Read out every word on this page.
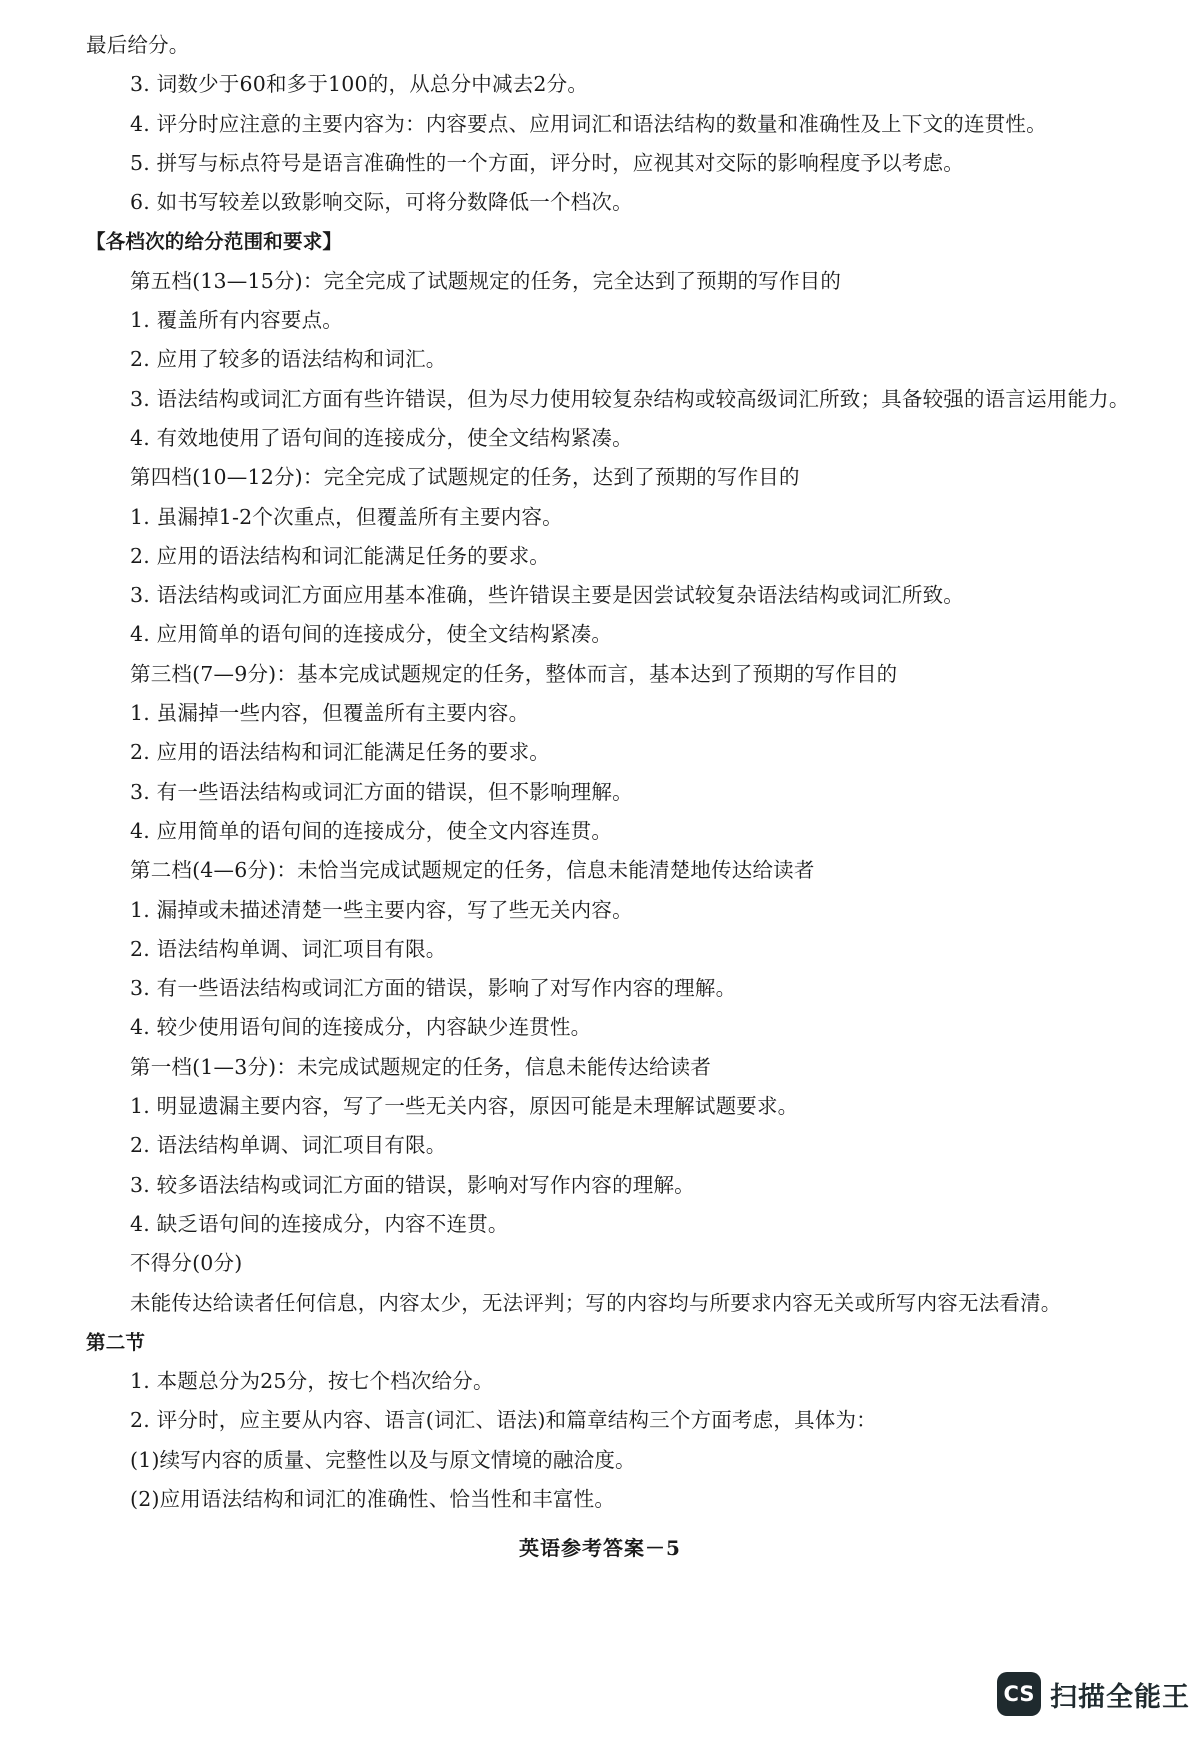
最后给分。
3. 词数少于60和多于100的，从总分中减去2分。
4. 评分时应注意的主要内容为：内容要点、应用词汇和语法结构的数量和准确性及上下文的连贯性。
5. 拼写与标点符号是语言准确性的一个方面，评分时，应视其对交际的影响程度予以考虑。
6. 如书写较差以致影响交际，可将分数降低一个档次。
【各档次的给分范围和要求】
第五档(13—15分)：完全完成了试题规定的任务，完全达到了预期的写作目的
1. 覆盖所有内容要点。
2. 应用了较多的语法结构和词汇。
3. 语法结构或词汇方面有些许错误，但为尽力使用较复杂结构或较高级词汇所致；具备较强的语言运用能力。
4. 有效地使用了语句间的连接成分，使全文结构紧凑。
第四档(10—12分)：完全完成了试题规定的任务，达到了预期的写作目的
1. 虽漏掉1-2个次重点，但覆盖所有主要内容。
2. 应用的语法结构和词汇能满足任务的要求。
3. 语法结构或词汇方面应用基本准确，些许错误主要是因尝试较复杂语法结构或词汇所致。
4. 应用简单的语句间的连接成分，使全文结构紧凑。
第三档(7—9分)：基本完成试题规定的任务，整体而言，基本达到了预期的写作目的
1. 虽漏掉一些内容，但覆盖所有主要内容。
2. 应用的语法结构和词汇能满足任务的要求。
3. 有一些语法结构或词汇方面的错误，但不影响理解。
4. 应用简单的语句间的连接成分，使全文内容连贯。
第二档(4—6分)：未恰当完成试题规定的任务，信息未能清楚地传达给读者
1. 漏掉或未描述清楚一些主要内容，写了些无关内容。
2. 语法结构单调、词汇项目有限。
3. 有一些语法结构或词汇方面的错误，影响了对写作内容的理解。
4. 较少使用语句间的连接成分，内容缺少连贯性。
第一档(1—3分)：未完成试题规定的任务，信息未能传达给读者
1. 明显遗漏主要内容，写了一些无关内容，原因可能是未理解试题要求。
2. 语法结构单调、词汇项目有限。
3. 较多语法结构或词汇方面的错误，影响对写作内容的理解。
4. 缺乏语句间的连接成分，内容不连贯。
不得分(0分)
未能传达给读者任何信息，内容太少，无法评判；写的内容均与所要求内容无关或所写内容无法看清。
第二节
1. 本题总分为25分，按七个档次给分。
2. 评分时，应主要从内容、语言(词汇、语法)和篇章结构三个方面考虑，具体为：
(1)续写内容的质量、完整性以及与原文情境的融洽度。
(2)应用语法结构和词汇的准确性、恰当性和丰富性。
英语参考答案－5
CS 扫描全能王
